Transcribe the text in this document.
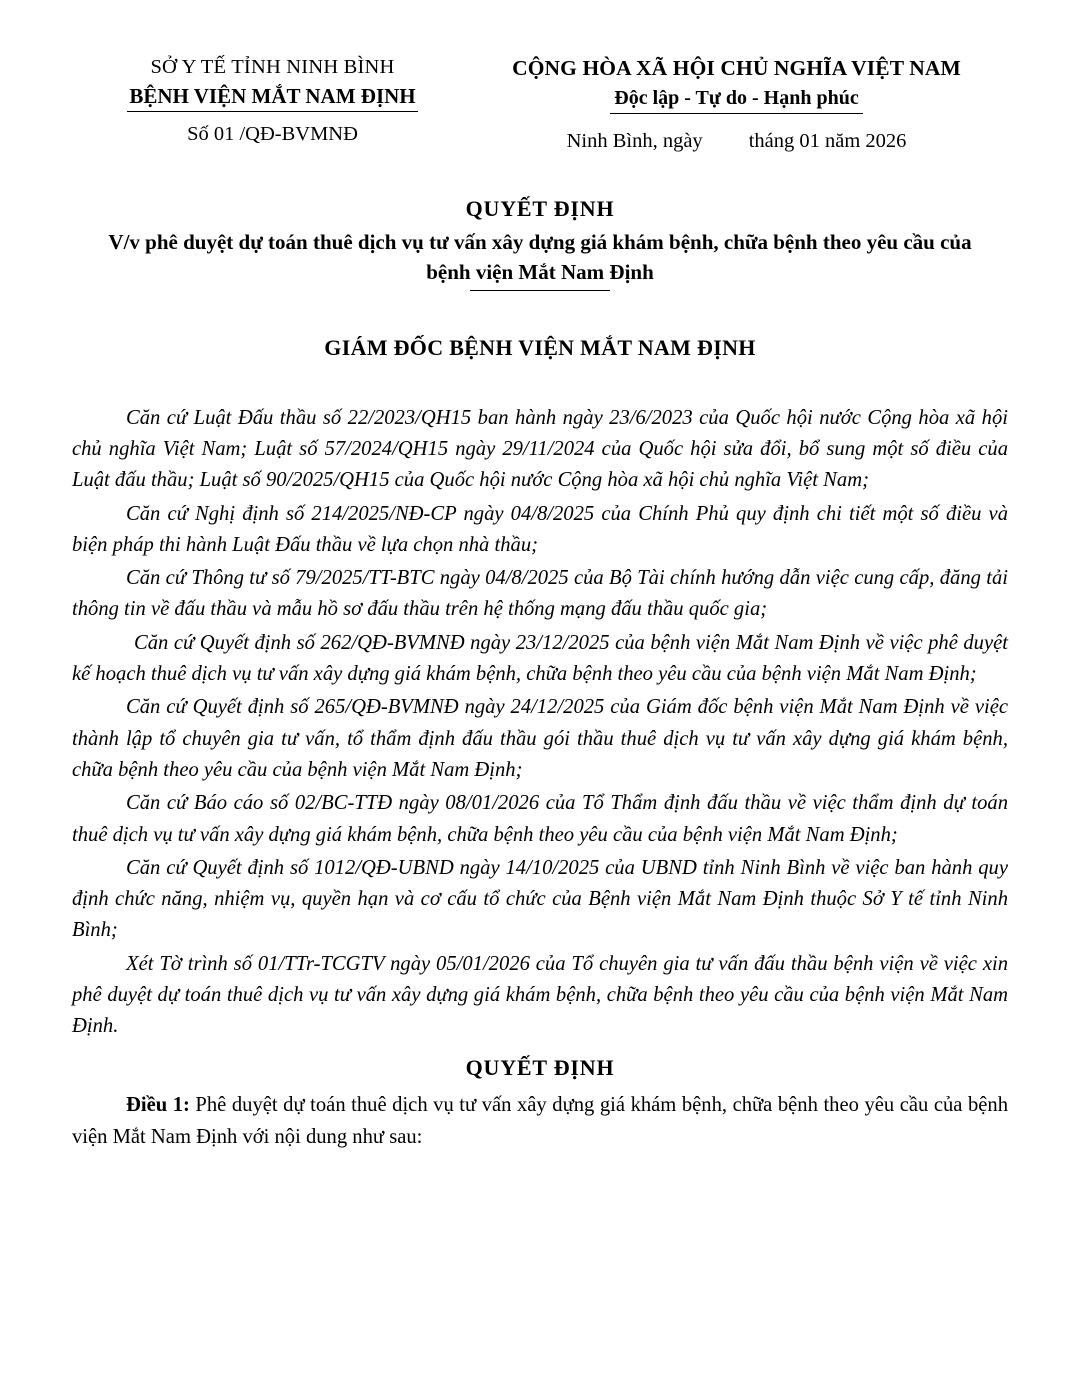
SỞ Y TẾ TỈNH NINH BÌNH
BỆNH VIỆN MẮT NAM ĐỊNH
Số 01 /QĐ-BVMNĐ
CỘNG HÒA XÃ HỘI CHỦ NGHĨA VIỆT NAM
Độc lập - Tự do - Hạnh phúc
Ninh Bình, ngày tháng 01 năm 2026
QUYẾT ĐỊNH
V/v phê duyệt dự toán thuê dịch vụ tư vấn xây dựng giá khám bệnh, chữa bệnh theo yêu cầu của bệnh viện Mắt Nam Định
GIÁM ĐỐC BỆNH VIỆN MẮT NAM ĐỊNH

Căn cứ Luật Đấu thầu số 22/2023/QH15 ban hành ngày 23/6/2023 của Quốc hội nước Cộng hòa xã hội chủ nghĩa Việt Nam; Luật số 57/2024/QH15 ngày 29/11/2024 của Quốc hội sửa đổi, bổ sung một số điều của Luật đấu thầu; Luật số 90/2025/QH15 của Quốc hội nước Cộng hòa xã hội chủ nghĩa Việt Nam;

Căn cứ Nghị định số 214/2025/NĐ-CP ngày 04/8/2025 của Chính Phủ quy định chi tiết một số điều và biện pháp thi hành Luật Đấu thầu về lựa chọn nhà thầu;

Căn cứ Thông tư số 79/2025/TT-BTC ngày 04/8/2025 của Bộ Tài chính hướng dẫn việc cung cấp, đăng tải thông tin về đấu thầu và mẫu hồ sơ đấu thầu trên hệ thống mạng đấu thầu quốc gia;

Căn cứ Quyết định số 262/QĐ-BVMNĐ ngày 23/12/2025 của bệnh viện Mắt Nam Định về việc phê duyệt kế hoạch thuê dịch vụ tư vấn xây dựng giá khám bệnh, chữa bệnh theo yêu cầu của bệnh viện Mắt Nam Định;

Căn cứ Quyết định số 265/QĐ-BVMNĐ ngày 24/12/2025 của Giám đốc bệnh viện Mắt Nam Định về việc thành lập tổ chuyên gia tư vấn, tổ thẩm định đấu thầu gói thầu thuê dịch vụ tư vấn xây dựng giá khám bệnh, chữa bệnh theo yêu cầu của bệnh viện Mắt Nam Định;

Căn cứ Báo cáo số 02/BC-TTĐ ngày 08/01/2026 của Tổ Thẩm định đấu thầu về việc thẩm định dự toán thuê dịch vụ tư vấn xây dựng giá khám bệnh, chữa bệnh theo yêu cầu của bệnh viện Mắt Nam Định;

Căn cứ Quyết định số 1012/QĐ-UBND ngày 14/10/2025 của UBND tỉnh Ninh Bình về việc ban hành quy định chức năng, nhiệm vụ, quyền hạn và cơ cấu tổ chức của Bệnh viện Mắt Nam Định thuộc Sở Y tế tỉnh Ninh Bình;

Xét Tờ trình số 01/TTr-TCGTV ngày 05/01/2026 của Tổ chuyên gia tư vấn đấu thầu bệnh viện về việc xin phê duyệt dự toán thuê dịch vụ tư vấn xây dựng giá khám bệnh, chữa bệnh theo yêu cầu của bệnh viện Mắt Nam Định.

QUYẾT ĐỊNH
Điều 1: Phê duyệt dự toán thuê dịch vụ tư vấn xây dựng giá khám bệnh, chữa bệnh theo yêu cầu của bệnh viện Mắt Nam Định với nội dung như sau:
